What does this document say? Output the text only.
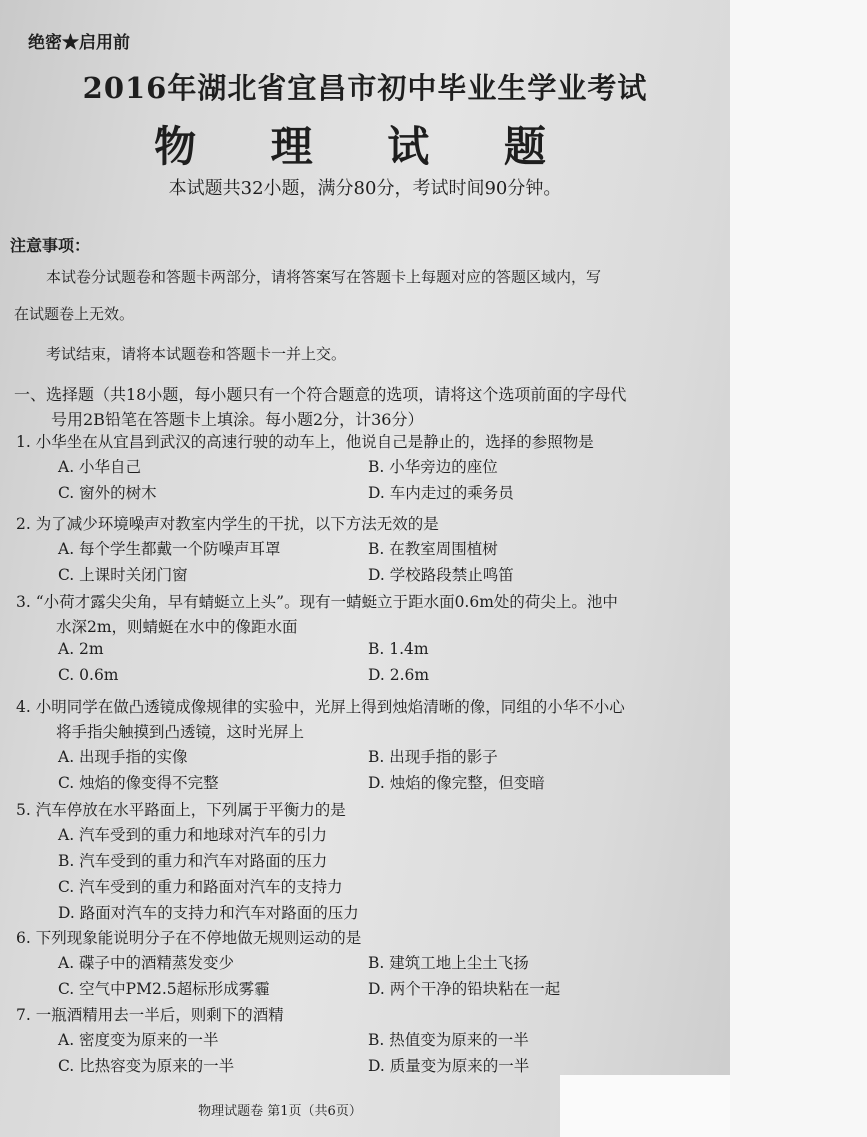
绝密★启用前
2016年湖北省宜昌市初中毕业生学业考试
物 理 试 题
本试题共32小题，满分80分，考试时间90分钟。
注意事项：
本试卷分试题卷和答题卡两部分，请将答案写在答题卡上每题对应的答题区域内，写
在试题卷上无效。
考试结束，请将本试题卷和答题卡一并上交。
一、选择题（共18小题，每小题只有一个符合题意的选项，请将这个选项前面的字母代
号用2B铅笔在答题卡上填涂。每小题2分，计36分）
1. 小华坐在从宜昌到武汉的高速行驶的动车上，他说自己是静止的，选择的参照物是
A. 小华自己	B. 小华旁边的座位
C. 窗外的树木	D. 车内走过的乘务员
2. 为了减少环境噪声对教室内学生的干扰，以下方法无效的是
A. 每个学生都戴一个防噪声耳罩	B. 在教室周围植树
C. 上课时关闭门窗	D. 学校路段禁止鸣笛
3. “小荷才露尖尖角，早有蜻蜓立上头”。现有一蜻蜓立于距水面0.6m处的荷尖上。池中
水深2m，则蜻蜓在水中的像距水面
A. 2m	B. 1.4m
C. 0.6m	D. 2.6m
4. 小明同学在做凸透镜成像规律的实验中，光屏上得到烛焰清晰的像，同组的小华不小心
将手指尖触摸到凸透镜，这时光屏上
A. 出现手指的实像	B. 出现手指的影子
C. 烛焰的像变得不完整	D. 烛焰的像完整，但变暗
5. 汽车停放在水平路面上，下列属于平衡力的是
A. 汽车受到的重力和地球对汽车的引力
B. 汽车受到的重力和汽车对路面的压力
C. 汽车受到的重力和路面对汽车的支持力
D. 路面对汽车的支持力和汽车对路面的压力
6. 下列现象能说明分子在不停地做无规则运动的是
A. 碟子中的酒精蒸发变少	B. 建筑工地上尘土飞扬
C. 空气中PM2.5超标形成雾霾	D. 两个干净的铅块粘在一起
7. 一瓶酒精用去一半后，则剩下的酒精
A. 密度变为原来的一半	B. 热值变为原来的一半
C. 比热容变为原来的一半	D. 质量变为原来的一半
物理试题卷 第1页（共6页）
